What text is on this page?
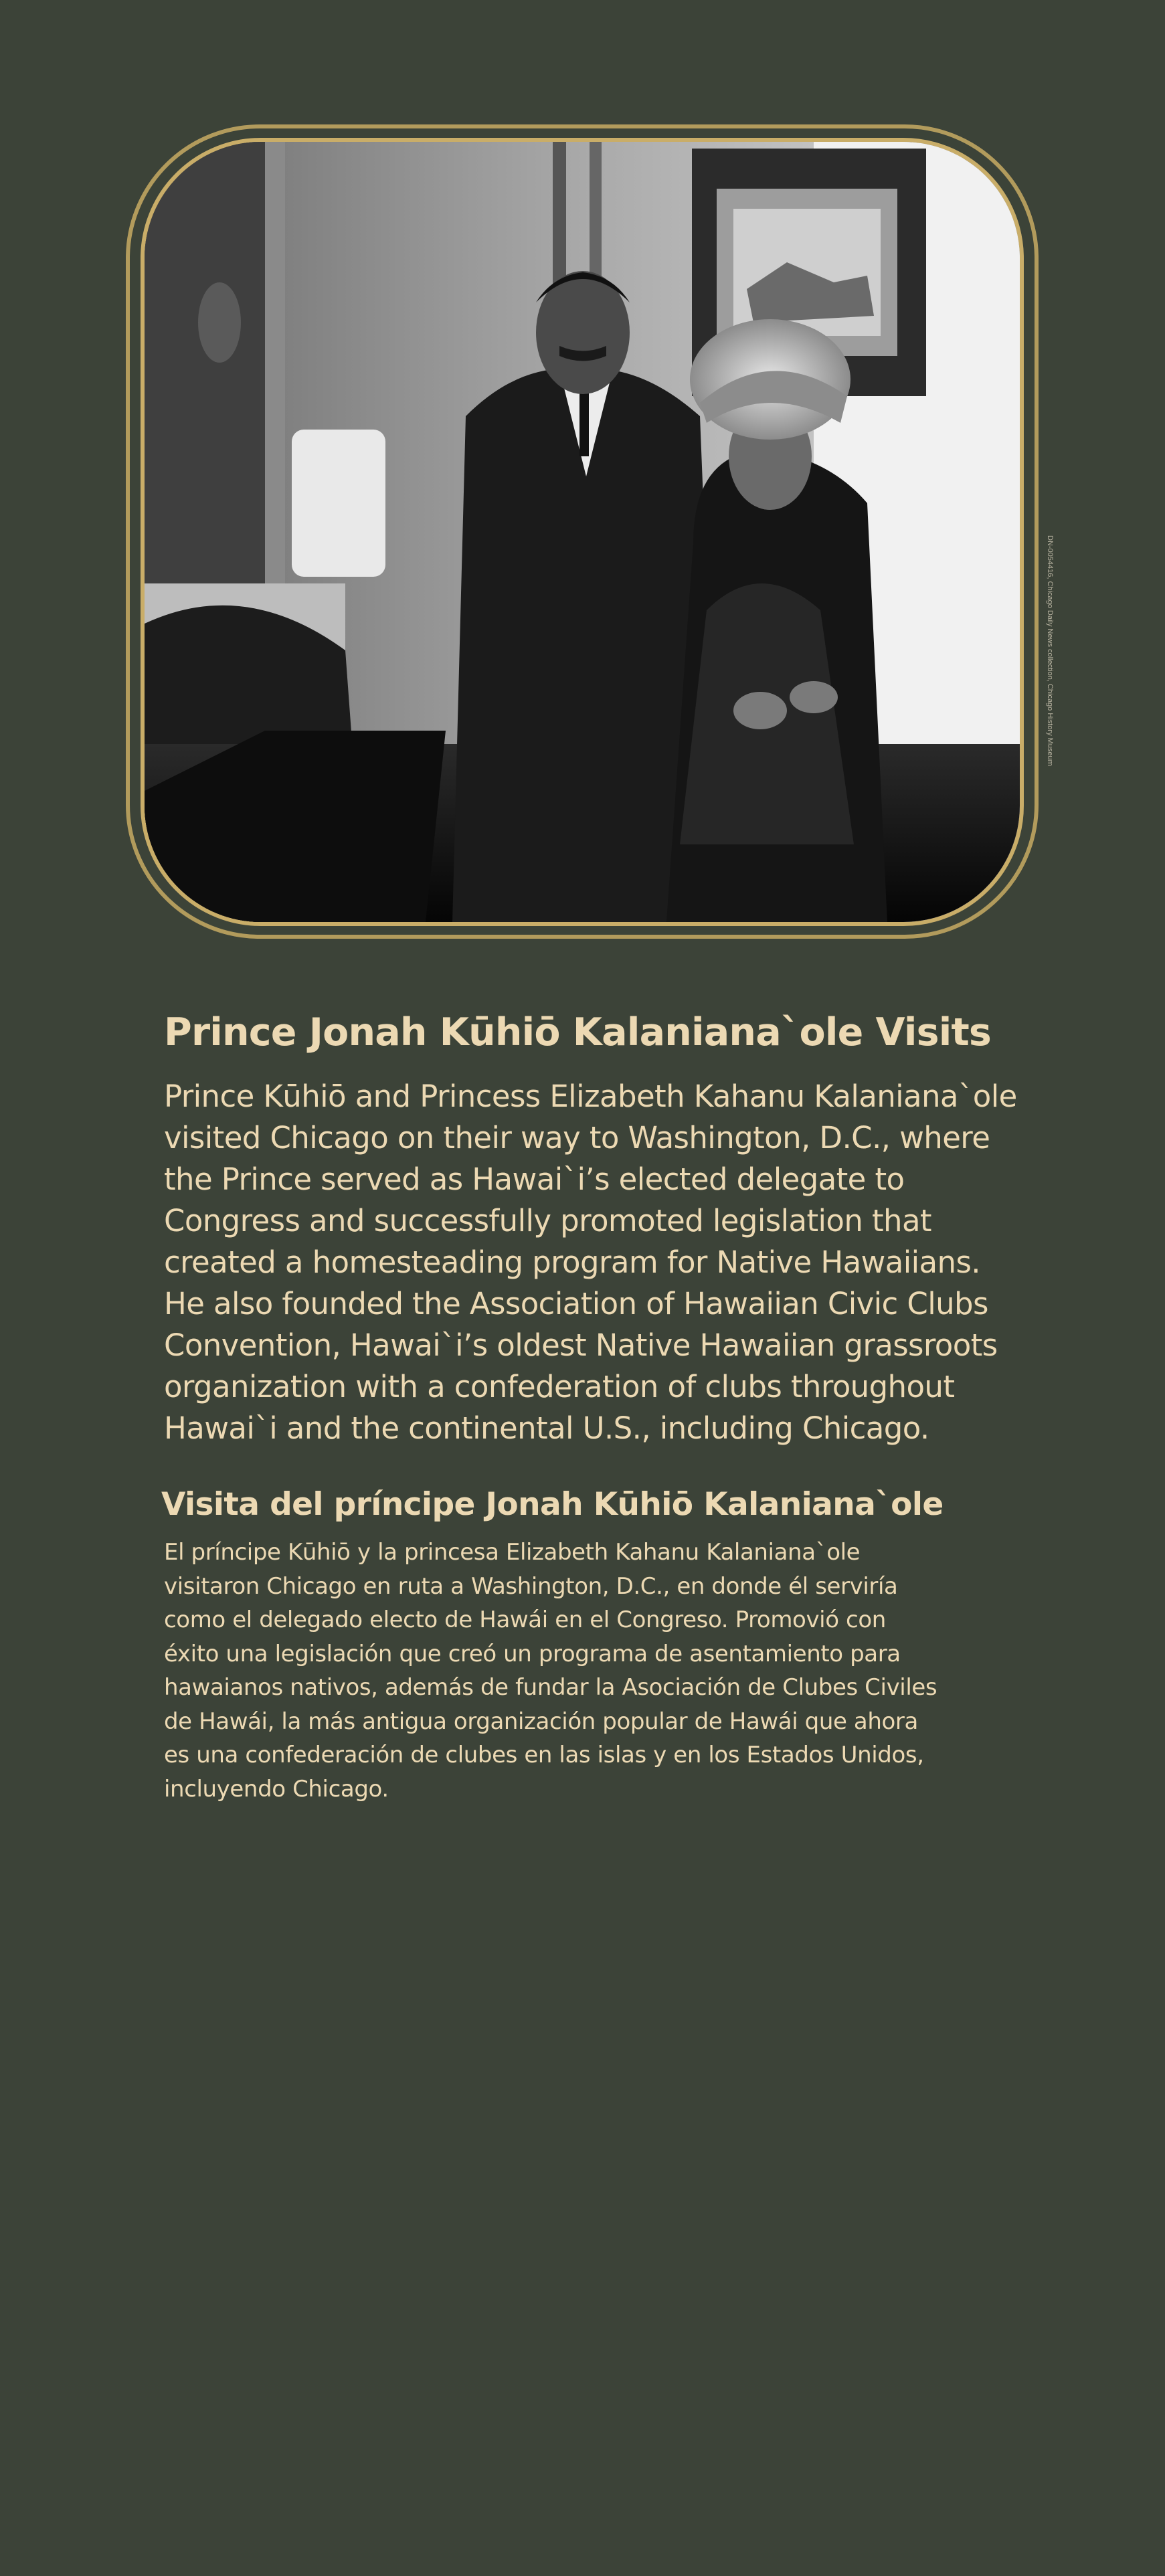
DN-0054416, Chicago Daily News collection, Chicago History Museum
Prince Jonah Kūhiō Kalaniana`ole Visits

Prince Kūhiō and Princess Elizabeth Kahanu Kalaniana`ole
visited Chicago on their way to Washington, D.C., where
the Prince served as Hawai`i’s elected delegate to
Congress and successfully promoted legislation that
created a homesteading program for Native Hawaiians.
He also founded the Association of Hawaiian Civic Clubs
Convention, Hawai`i’s oldest Native Hawaiian grassroots
organization with a confederation of clubs throughout
Hawai`i and the continental U.S., including Chicago.

Visita del príncipe Jonah Kūhiō Kalaniana`ole

El príncipe Kūhiō y la princesa Elizabeth Kahanu Kalaniana`ole
visitaron Chicago en ruta a Washington, D.C., en donde él serviría
como el delegado electo de Hawái en el Congreso. Promovió con
éxito una legislación que creó un programa de asentamiento para
hawaianos nativos, además de fundar la Asociación de Clubes Civiles
de Hawái, la más antigua organización popular de Hawái que ahora
es una confederación de clubes en las islas y en los Estados Unidos,
incluyendo Chicago.
